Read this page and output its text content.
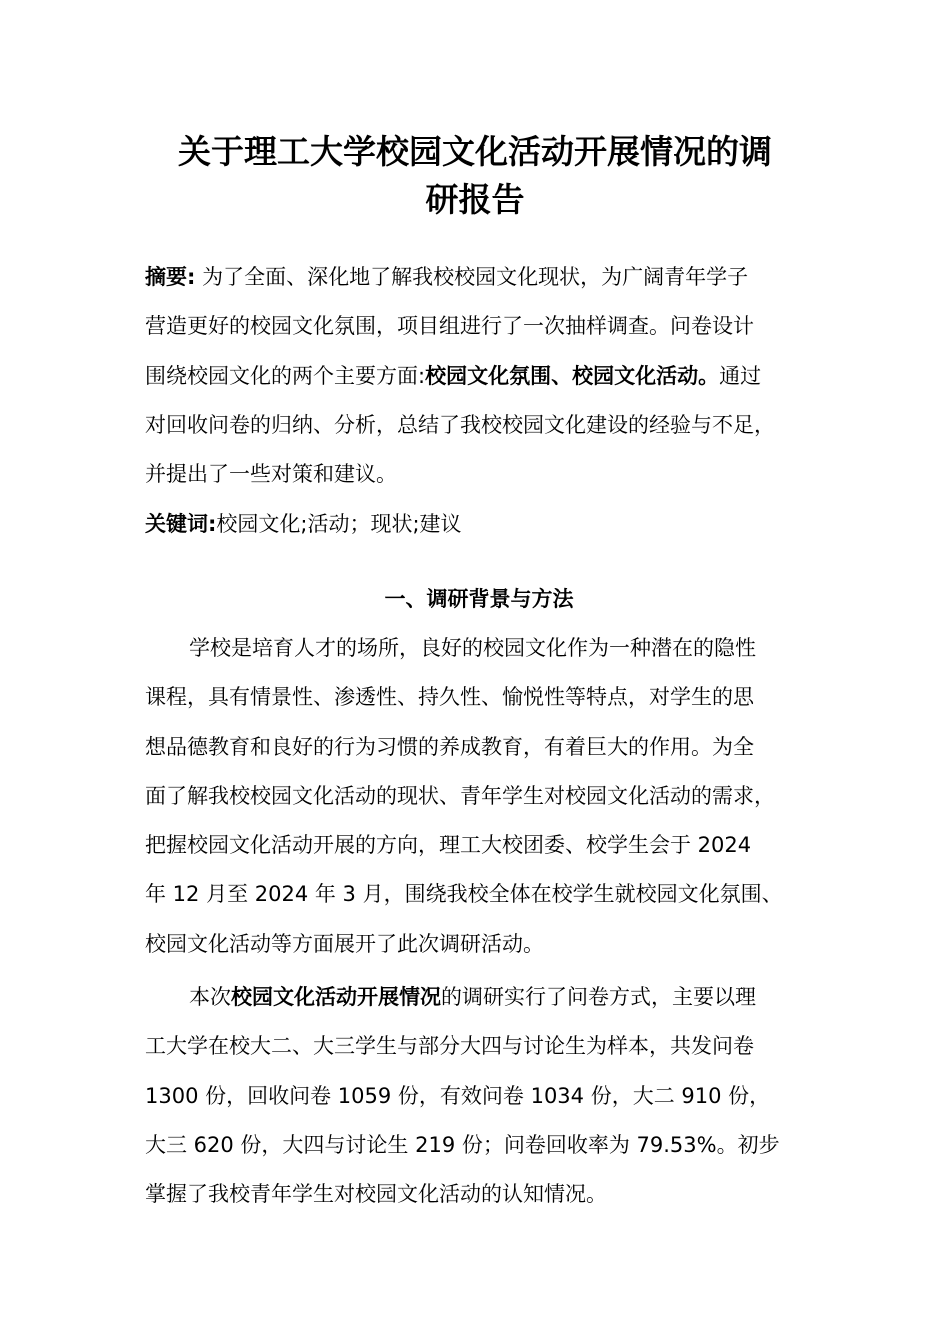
关于理工大学校园文化活动开展情况的调
研报告
摘要: 为了全面、深化地了解我校校园文化现状，为广阔青年学子
营造更好的校园文化氛围，项目组进行了一次抽样调查。问卷设计
围绕校园文化的两个主要方面:校园文化氛围、校园文化活动。通过
对回收问卷的归纳、分析，总结了我校校园文化建设的经验与不足，
并提出了一些对策和建议。
关键词:校园文化;活动；现状;建议
一、调研背景与方法
学校是培育人才的场所，良好的校园文化作为一种潜在的隐性
课程，具有情景性、渗透性、持久性、愉悦性等特点，对学生的思
想品德教育和良好的行为习惯的养成教育，有着巨大的作用。为全
面了解我校校园文化活动的现状、青年学生对校园文化活动的需求，
把握校园文化活动开展的方向，理工大校团委、校学生会于 2024
年 12 月至 2024 年 3 月，围绕我校全体在校学生就校园文化氛围、
校园文化活动等方面展开了此次调研活动。
本次校园文化活动开展情况的调研实行了问卷方式，主要以理
工大学在校大二、大三学生与部分大四与讨论生为样本，共发问卷
1300 份，回收问卷 1059 份，有效问卷 1034 份，大二 910 份，
大三 620 份，大四与讨论生 219 份；问卷回收率为 79.53%。初步
掌握了我校青年学生对校园文化活动的认知情况。
